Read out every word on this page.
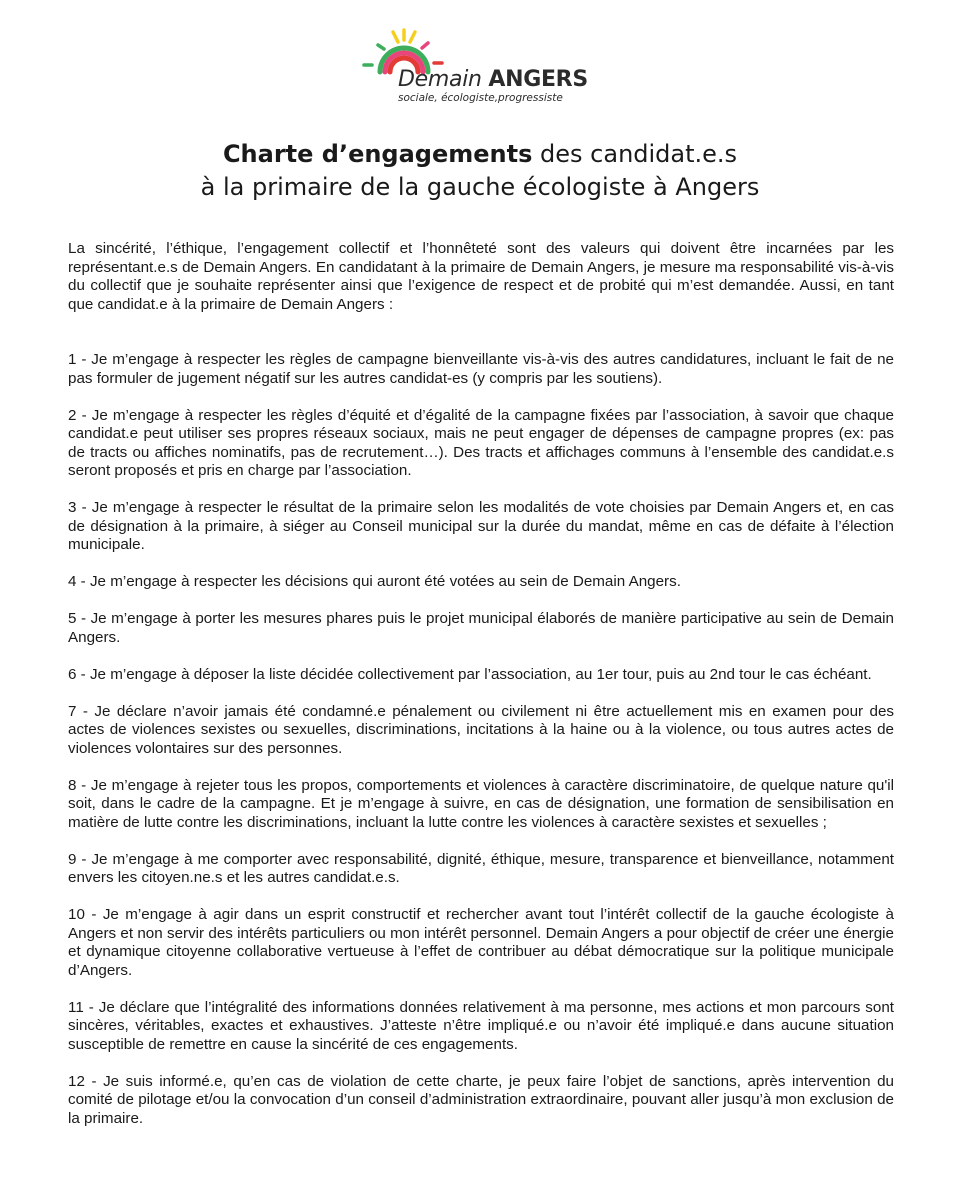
Demain ANGERS
sociale, écologiste,progressiste
Charte d’engagements des candidat.e.s
à la primaire de la gauche écologiste à Angers

La sincérité, l’éthique, l’engagement collectif et l’honnêteté sont des valeurs qui doivent être incarnées par les représentant.e.s de Demain Angers. En candidatant à la primaire de Demain Angers, je mesure ma responsabilité vis-à-vis du collectif que je souhaite représenter ainsi que l’exigence de respect et de probité qui m’est demandée. Aussi, en tant que candidat.e à la primaire de Demain Angers :

1 - Je m’engage à respecter les règles de campagne bienveillante vis-à-vis des autres candidatures, incluant le fait de ne pas formuler de jugement négatif sur les autres candidat-es (y compris par les soutiens).

2 - Je m’engage à respecter les règles d’équité et d’égalité de la campagne fixées par l’association, à savoir que chaque candidat.e peut utiliser ses propres réseaux sociaux, mais ne peut engager de dépenses de campagne propres (ex: pas de tracts ou affiches nominatifs, pas de recrutement…). Des tracts et affichages communs à l’ensemble des candidat.e.s seront proposés et pris en charge par l’association.

3 - Je m’engage à respecter le résultat de la primaire selon les modalités de vote choisies par Demain Angers et, en cas de désignation à la primaire, à siéger au Conseil municipal sur la durée du mandat, même en cas de défaite à l’élection municipale.

4 - Je m’engage à respecter les décisions qui auront été votées au sein de Demain Angers.

5 - Je m’engage à porter les mesures phares puis le projet municipal élaborés de manière participative au sein de Demain Angers.

6 - Je m’engage à déposer la liste décidée collectivement par l’association, au 1er tour, puis au 2nd tour le cas échéant.

7 - Je déclare n’avoir jamais été condamné.e pénalement ou civilement ni être actuellement mis en examen pour des actes de violences sexistes ou sexuelles, discriminations, incitations à la haine ou à la violence, ou tous autres actes de violences volontaires sur des personnes.

8 - Je m’engage à rejeter tous les propos, comportements et violences à caractère discriminatoire, de quelque nature qu'il soit, dans le cadre de la campagne. Et je m’engage à suivre, en cas de désignation, une formation de sensibilisation en matière de lutte contre les discriminations, incluant la lutte contre les violences à caractère sexistes et sexuelles ;

9 - Je m’engage à me comporter avec responsabilité, dignité, éthique, mesure, transparence et bienveillance, notamment envers les citoyen.ne.s et les autres candidat.e.s.

10 - Je m’engage à agir dans un esprit constructif et rechercher avant tout l’intérêt collectif de la gauche écologiste à Angers et non servir des intérêts particuliers ou mon intérêt personnel. Demain Angers a pour objectif de créer une énergie et dynamique citoyenne collaborative vertueuse à l’effet de contribuer au débat démocratique sur la politique municipale d’Angers.

11 - Je déclare que l’intégralité des informations données relativement à ma personne, mes actions et mon parcours sont sincères, véritables, exactes et exhaustives. J’atteste n’être impliqué.e ou n’avoir été impliqué.e dans aucune situation susceptible de remettre en cause la sincérité de ces engagements.

12 - Je suis informé.e, qu’en cas de violation de cette charte, je peux faire l’objet de sanctions, après intervention du comité de pilotage et/ou la convocation d’un conseil d’administration extraordinaire, pouvant aller jusqu’à mon exclusion de la primaire.
